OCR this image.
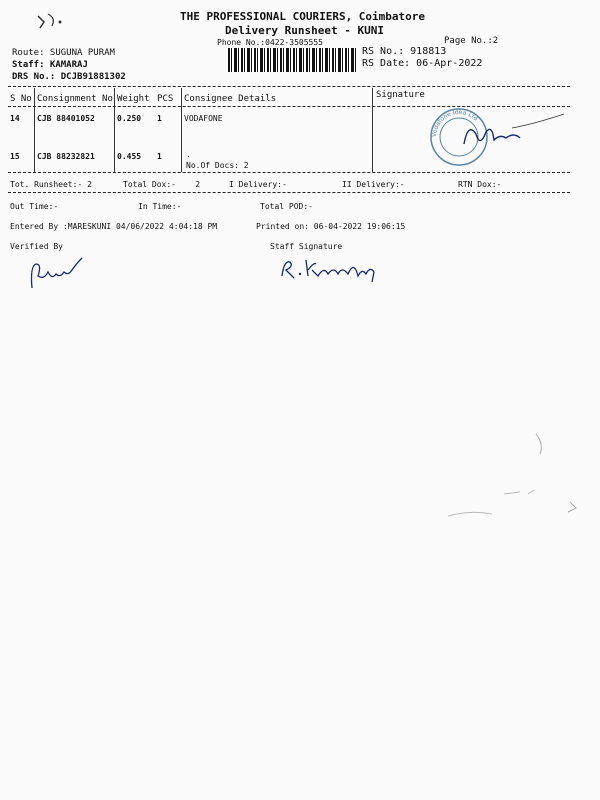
THE PROFESSIONAL COURIERS, Coimbatore
Delivery Runsheet - KUNI
Phone No.:0422-3505555	Page No.:2
Route: SUGUNA PURAM
Staff: KAMARAJ
DRS No.: DCJB91881302
RS No.: 918813
RS Date: 06-Apr-2022
S No Consignment No Weight PCS Consignee Details	Signature
14 CJB 88401052	0.250 1	VODAFONE
15 CJB 88232821	0.455 1	.
No.Of Docs: 2
Vodafone Idea Ltd
Tot. Runsheet:- 2	Total Dox:-    2	I Delivery:-	II Delivery:-	RTN Dox:-
Out Time:-	In Time:-	Total POD:-
Entered By :MARESKUNI 04/06/2022 4:04:18 PM	Printed on: 06-04-2022 19:06:15
Verified By	Staff Signature
